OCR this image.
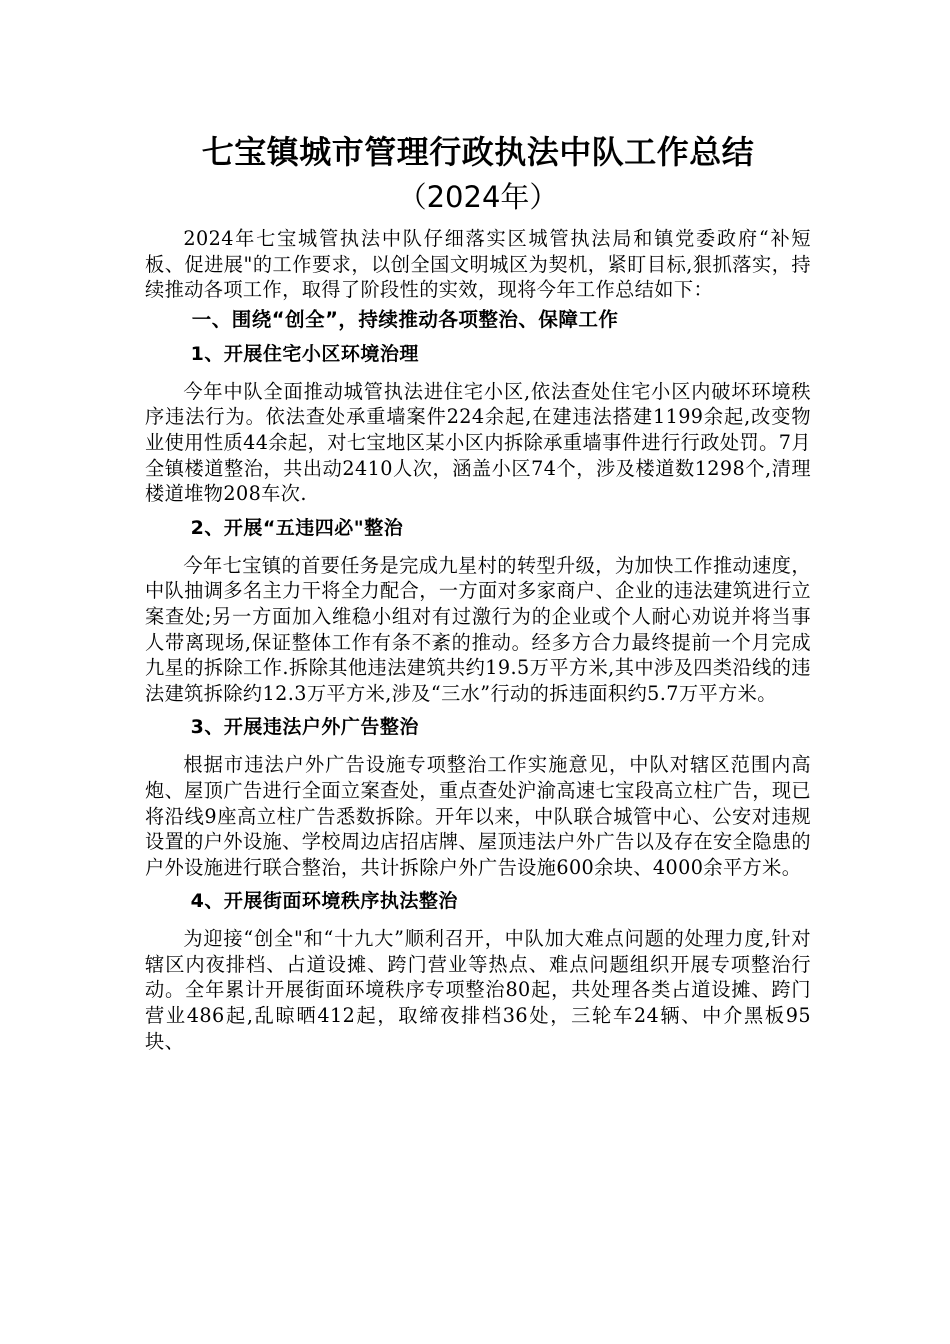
七宝镇城市管理行政执法中队工作总结
（2024年）

2024年七宝城管执法中队仔细落实区城管执法局和镇党委政府“补短板、促进展"的工作要求，以创全国文明城区为契机，紧盯目标,狠抓落实，持续推动各项工作，取得了阶段性的实效，现将今年工作总结如下：

一、围绕“创全”，持续推动各项整治、保障工作
1、开展住宅小区环境治理

今年中队全面推动城管执法进住宅小区,依法查处住宅小区内破坏环境秩序违法行为。依法查处承重墙案件224余起,在建违法搭建1199余起,改变物业使用性质44余起，对七宝地区某小区内拆除承重墙事件进行行政处罚。7月全镇楼道整治，共出动2410人次，涵盖小区74个，涉及楼道数1298个,清理楼道堆物208车次.

2、开展“五违四必"整治

今年七宝镇的首要任务是完成九星村的转型升级，为加快工作推动速度，中队抽调多名主力干将全力配合，一方面对多家商户、企业的违法建筑进行立案查处;另一方面加入维稳小组对有过激行为的企业或个人耐心劝说并将当事人带离现场,保证整体工作有条不紊的推动。经多方合力最终提前一个月完成九星的拆除工作.拆除其他违法建筑共约19.5万平方米,其中涉及四类沿线的违法建筑拆除约12.3万平方米,涉及“三水”行动的拆违面积约5.7万平方米。

3、开展违法户外广告整治

根据市违法户外广告设施专项整治工作实施意见，中队对辖区范围内高炮、屋顶广告进行全面立案查处，重点查处沪渝高速七宝段高立柱广告，现已将沿线9座高立柱广告悉数拆除。开年以来，中队联合城管中心、公安对违规设置的户外设施、学校周边店招店牌、屋顶违法户外广告以及存在安全隐患的户外设施进行联合整治，共计拆除户外广告设施600余块、4000余平方米。

4、开展街面环境秩序执法整治

为迎接“创全"和“十九大”顺利召开，中队加大难点问题的处理力度,针对辖区内夜排档、占道设摊、跨门营业等热点、难点问题组织开展专项整治行动。全年累计开展街面环境秩序专项整治80起，共处理各类占道设摊、跨门营业486起,乱晾晒412起，取缔夜排档36处，三轮车24辆、中介黑板95块、
